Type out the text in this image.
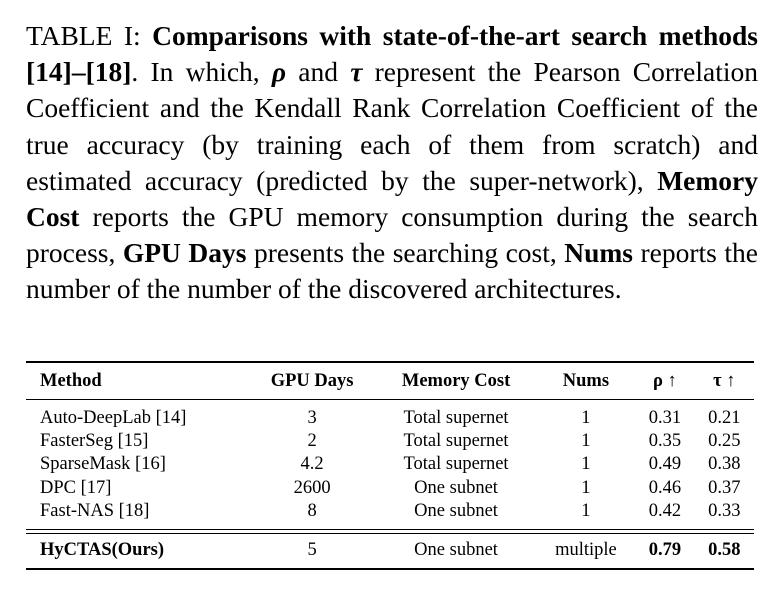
TABLE I: Comparisons with state-of-the-art search methods [14]–[18]. In which, ρ and τ represent the Pearson Correlation Coefficient and the Kendall Rank Correlation Coefficient of the true accuracy (by training each of them from scratch) and estimated accuracy (predicted by the super-network), Memory Cost reports the GPU memory consumption during the search process, GPU Days presents the searching cost, Nums reports the number of the number of the discovered architectures.
Method	GPU Days	Memory Cost	Nums	ρ ↑	τ ↑
Auto-DeepLab [14]	3	Total supernet	1	0.31	0.21
FasterSeg [15]	2	Total supernet	1	0.35	0.25
SparseMask [16]	4.2	Total supernet	1	0.49	0.38
DPC [17]	2600	One subnet	1	0.46	0.37
Fast-NAS [18]	8	One subnet	1	0.42	0.33

HyCTAS(Ours)	5	One subnet	multiple	0.79	0.58
